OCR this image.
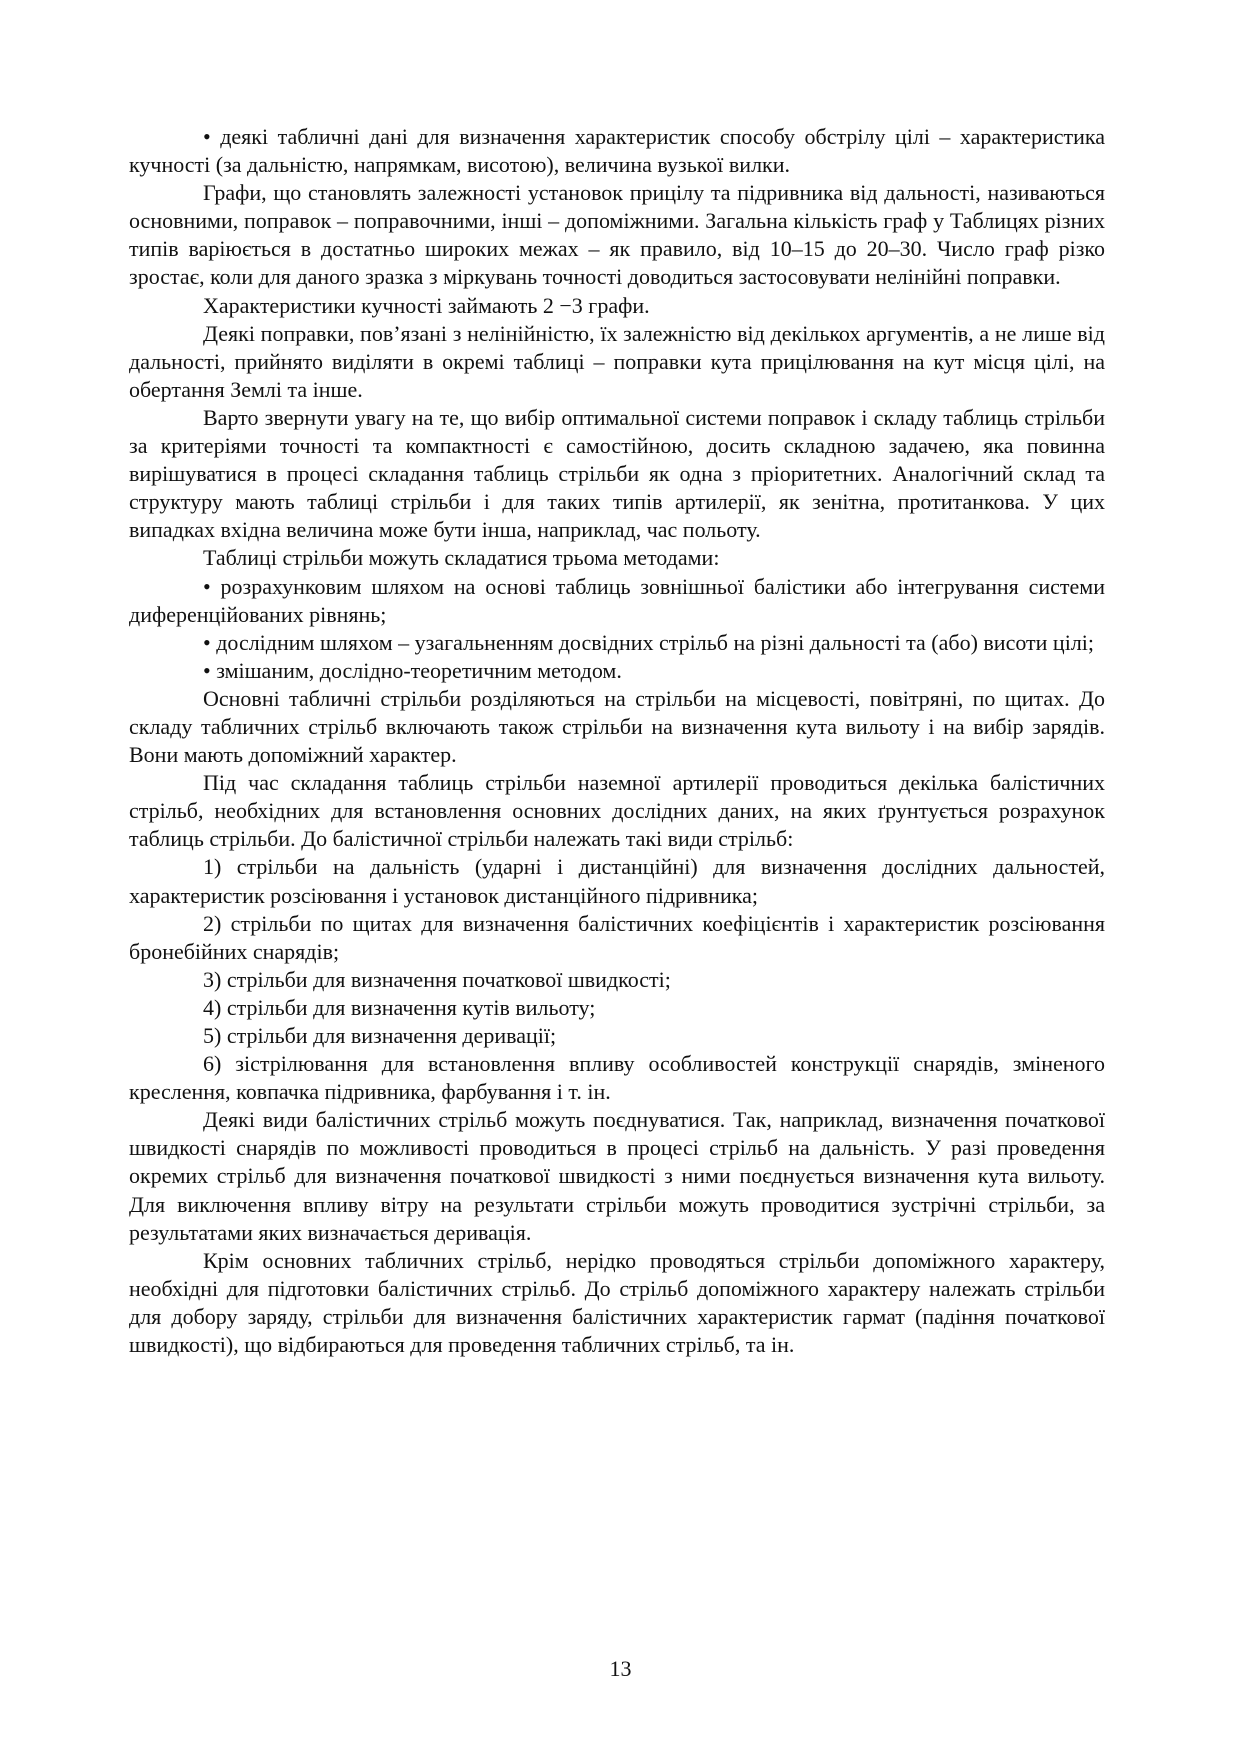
• деякі табличні дані для визначення характеристик способу обстрілу цілі – характеристика кучності (за дальністю, напрямкам, висотою), величина вузької вилки.

Графи, що становлять залежності установок прицілу та підривника від дальності, називаються основними, поправок – поправочними, інші – допоміжними. Загальна кількість граф у Таблицях різних типів варіюється в достатньо широких межах – як правило, від 10–15 до 20–30. Число граф різко зростає, коли для даного зразка з міркувань точності доводиться застосовувати нелінійні поправки.

Характеристики кучності займають 2 −3 графи.

Деякі поправки, пов’язані з нелінійністю, їх залежністю від декількох аргументів, а не лише від дальності, прийнято виділяти в окремі таблиці – поправки кута прицілювання на кут місця цілі, на обертання Землі та інше.

Варто звернути увагу на те, що вибір оптимальної системи поправок і складу таблиць стрільби за критеріями точності та компактності є самостійною, досить складною задачею, яка повинна вирішуватися в процесі складання таблиць стрільби як одна з пріоритетних. Аналогічний склад та структуру мають таблиці стрільби і для таких типів артилерії, як зенітна, протитанкова. У цих випадках вхідна величина може бути інша, наприклад, час польоту.

Таблиці стрільби можуть складатися трьома методами:

• розрахунковим шляхом на основі таблиць зовнішньої балістики або інтегрування системи диференційованих рівнянь;

• дослідним шляхом – узагальненням досвідних стрільб на різні дальності та (або) висоти цілі;

• змішаним, дослідно-теоретичним методом.

Основні табличні стрільби розділяються на стрільби на місцевості, повітряні, по щитах. До складу табличних стрільб включають також стрільби на визначення кута вильоту і на вибір зарядів. Вони мають допоміжний характер.

Під час складання таблиць стрільби наземної артилерії проводиться декілька балістичних стрільб, необхідних для встановлення основних дослідних даних, на яких ґрунтується розрахунок таблиць стрільби. До балістичної стрільби належать такі види стрільб:

1) стрільби на дальність (ударні і дистанційні) для визначення дослідних дальностей, характеристик розсіювання і установок дистанційного підривника;

2) стрільби по щитах для визначення балістичних коефіцієнтів і характеристик розсіювання бронебійних снарядів;

3) стрільби для визначення початкової швидкості;

4) стрільби для визначення кутів вильоту;

5) стрільби для визначення деривації;

6) зістрілювання для встановлення впливу особливостей конструкції снарядів, зміненого креслення, ковпачка підривника, фарбування і т. ін.

Деякі види балістичних стрільб можуть поєднуватися. Так, наприклад, визначення початкової швидкості снарядів по можливості проводиться в процесі стрільб на дальність. У разі проведення окремих стрільб для визначення початкової швидкості з ними поєднується визначення кута вильоту. Для виключення впливу вітру на результати стрільби можуть проводитися зустрічні стрільби, за результатами яких визначається деривація.

Крім основних табличних стрільб, нерідко проводяться стрільби допоміжного характеру, необхідні для підготовки балістичних стрільб. До стрільб допоміжного характеру належать стрільби для добору заряду, стрільби для визначення балістичних характеристик гармат (падіння початкової швидкості), що відбираються для проведення табличних стрільб, та ін.

13
